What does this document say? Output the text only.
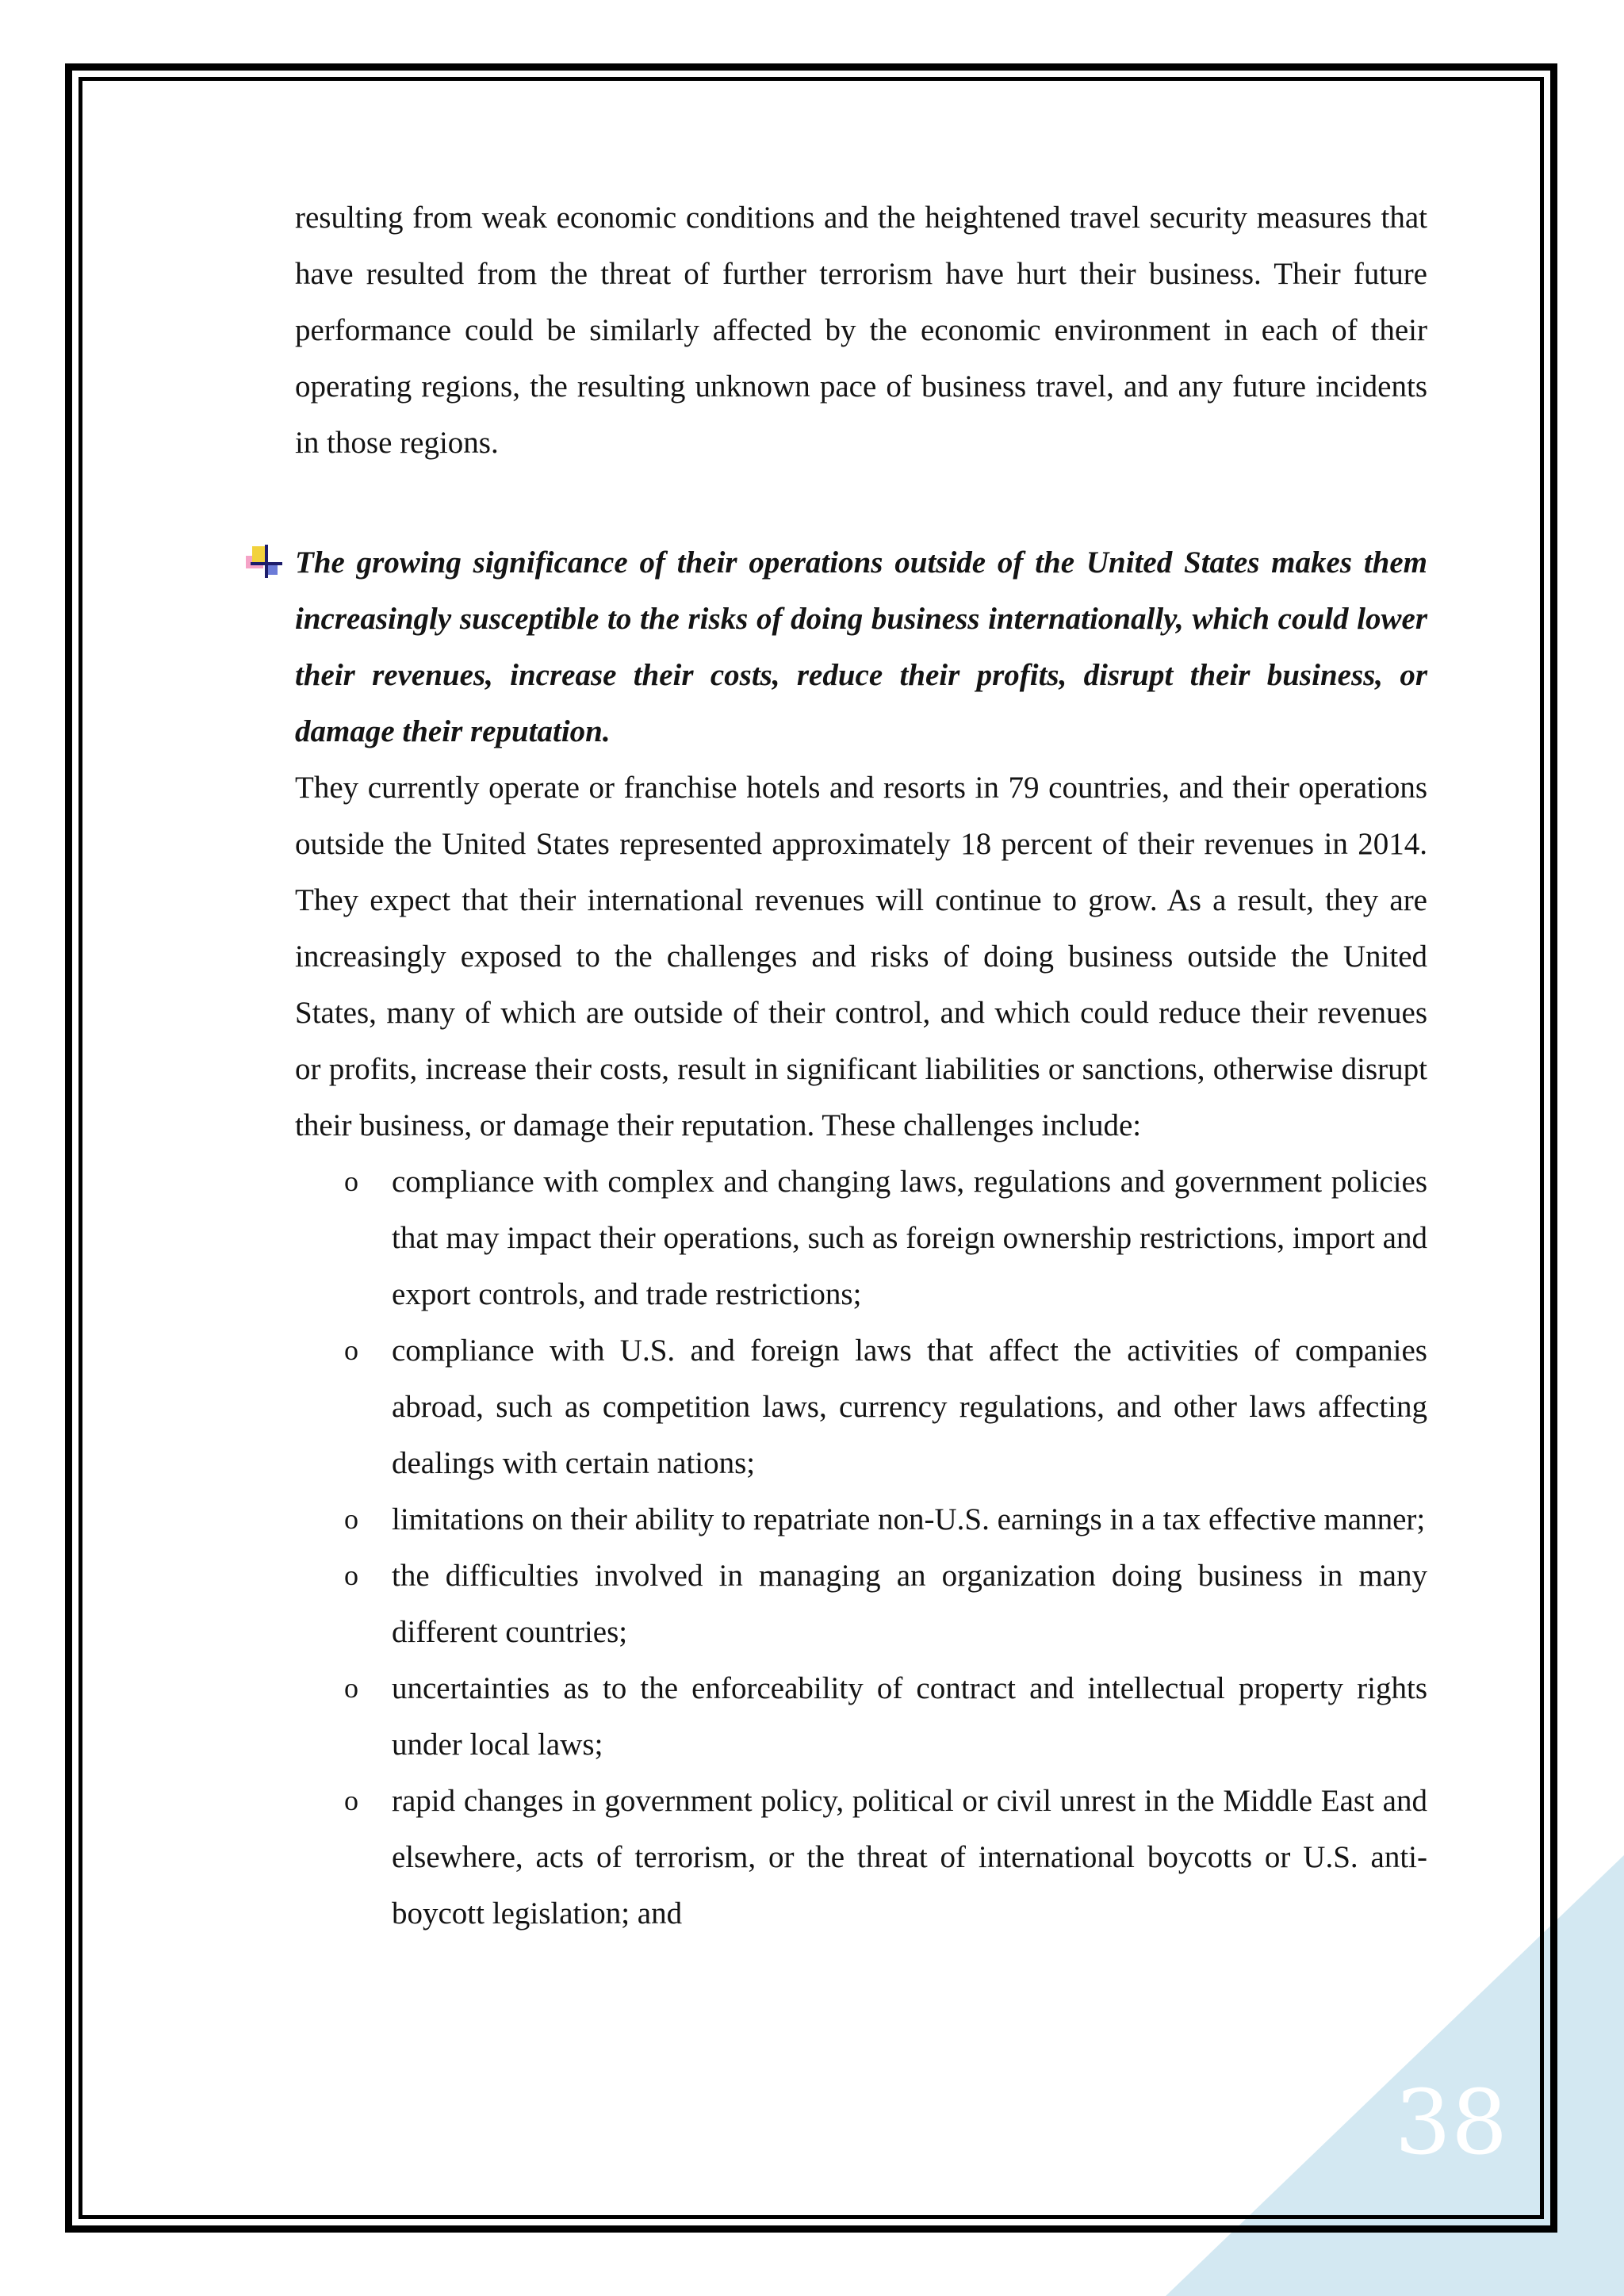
38

resulting from weak economic conditions and the heightened travel security measures that have resulted from the threat of further terrorism have hurt their business. Their future performance could be similarly affected by the economic environment in each of their operating regions, the resulting unknown pace of business travel, and any future incidents in those regions.

The growing significance of their operations outside of the United States makes them increasingly susceptible to the risks of doing business internationally, which could lower their revenues, increase their costs, reduce their profits, disrupt their business, or damage their reputation.

They currently operate or franchise hotels and resorts in 79 countries, and their operations outside the United States represented approximately 18 percent of their revenues in 2014. They expect that their international revenues will continue to grow. As a result, they are increasingly exposed to the challenges and risks of doing business outside the United States, many of which are outside of their control, and which could reduce their revenues or profits, increase their costs, result in significant liabilities or sanctions, otherwise disrupt their business, or damage their reputation. These challenges include:

o compliance with complex and changing laws, regulations and government policies that may impact their operations, such as foreign ownership restrictions, import and export controls, and trade restrictions;
o compliance with U.S. and foreign laws that affect the activities of companies abroad, such as competition laws, currency regulations, and other laws affecting dealings with certain nations;
o limitations on their ability to repatriate non-U.S. earnings in a tax effective manner;
o the difficulties involved in managing an organization doing business in many different countries;
o uncertainties as to the enforceability of contract and intellectual property rights under local laws;
o rapid changes in government policy, political or civil unrest in the Middle East and elsewhere, acts of terrorism, or the threat of international boycotts or U.S. anti-boycott legislation; and
